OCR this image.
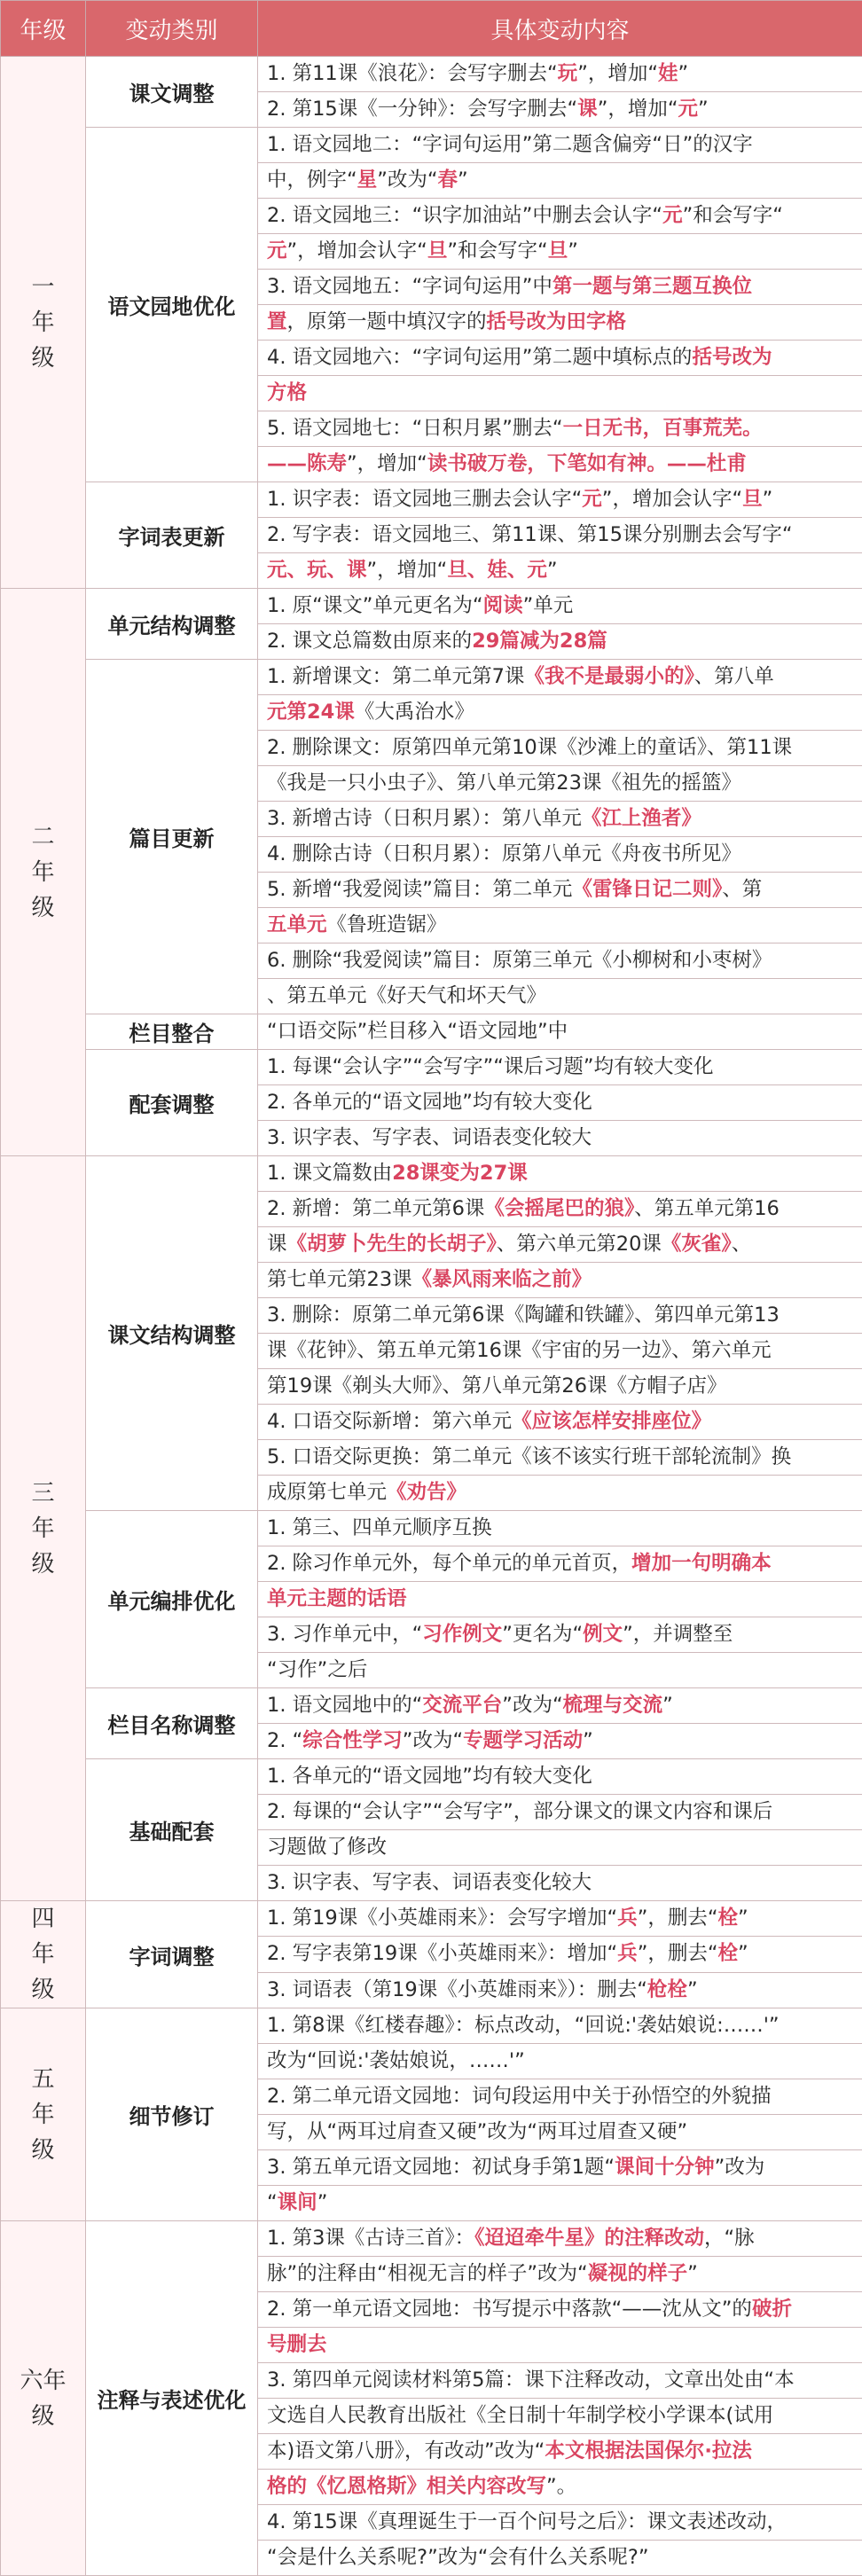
年级	变动类别	具体变动内容

一
年
级	课文调整	1. 第11课《浪花》：会写字删去“玩”，增加“娃”
		2. 第15课《一分钟》：会写字删去“课”，增加“元”
	语文园地优化	1. 语文园地二：“字词句运用”第二题含偏旁“日”的汉字
		中，例字“星”改为“春”
		2. 语文园地三：“识字加油站”中删去会认字“元”和会写字“
		元”，增加会认字“旦”和会写字“旦”
		3. 语文园地五：“字词句运用”中第一题与第三题互换位
		置，原第一题中填汉字的括号改为田字格
		4. 语文园地六：“字词句运用”第二题中填标点的括号改为
		方格
		5. 语文园地七：“日积月累”删去“一日无书，百事荒芜。
		——陈寿”，增加“读书破万卷，下笔如有神。——杜甫
	字词表更新	1. 识字表：语文园地三删去会认字“元”，增加会认字“旦”
		2. 写字表：语文园地三、第11课、第15课分别删去会写字“
		元、玩、课”，增加“旦、娃、元”

二
年
级	单元结构调整	1. 原“课文”单元更名为“阅读”单元
		2. 课文总篇数由原来的29篇减为28篇
	篇目更新	1. 新增课文：第二单元第7课《我不是最弱小的》、第八单
		元第24课《大禹治水》
		2. 删除课文：原第四单元第10课《沙滩上的童话》、第11课
		《我是一只小虫子》、第八单元第23课《祖先的摇篮》
		3. 新增古诗（日积月累）：第八单元《江上渔者》
		4. 删除古诗（日积月累）：原第八单元《舟夜书所见》
		5. 新增“我爱阅读”篇目：第二单元《雷锋日记二则》、第
		五单元《鲁班造锯》
		6. 删除“我爱阅读”篇目：原第三单元《小柳树和小枣树》
		、第五单元《好天气和坏天气》
	栏目整合	“口语交际”栏目移入“语文园地”中
	配套调整	1. 每课“会认字”“会写字”“课后习题”均有较大变化
		2. 各单元的“语文园地”均有较大变化
		3. 识字表、写字表、词语表变化较大

三
年
级	课文结构调整	1. 课文篇数由28课变为27课
		2. 新增：第二单元第6课《会摇尾巴的狼》、第五单元第16
		课《胡萝卜先生的长胡子》、第六单元第20课《灰雀》、
		第七单元第23课《暴风雨来临之前》
		3. 删除：原第二单元第6课《陶罐和铁罐》、第四单元第13
		课《花钟》、第五单元第16课《宇宙的另一边》、第六单元
		第19课《剃头大师》、第八单元第26课《方帽子店》
		4. 口语交际新增：第六单元《应该怎样安排座位》
		5. 口语交际更换：第二单元《该不该实行班干部轮流制》换
		成原第七单元《劝告》
	单元编排优化	1. 第三、四单元顺序互换
		2. 除习作单元外，每个单元的单元首页，增加一句明确本
		单元主题的话语
		3. 习作单元中，“习作例文”更名为“例文”，并调整至
		“习作”之后
	栏目名称调整	1. 语文园地中的“交流平台”改为“梳理与交流”
		2. “综合性学习”改为“专题学习活动”
	基础配套	1. 各单元的“语文园地”均有较大变化
		2. 每课的“会认字”“会写字”，部分课文的课文内容和课后
		习题做了修改
		3. 识字表、写字表、词语表变化较大

四
年
级	字词调整	1. 第19课《小英雄雨来》：会写字增加“兵”，删去“栓”
		2. 写字表第19课《小英雄雨来》：增加“兵”，删去“栓”
		3. 词语表（第19课《小英雄雨来》）：删去“枪栓”

五
年
级	细节修订	1. 第8课《红楼春趣》：标点改动，“回说:'袭姑娘说:……'”
		改为“回说:'袭姑娘说，……'”
		2. 第二单元语文园地：词句段运用中关于孙悟空的外貌描
		写，从“两耳过肩查又硬”改为“两耳过眉查又硬”
		3. 第五单元语文园地：初试身手第1题“课间十分钟”改为
		“课间”

六年
级	注释与表述优化	1. 第3课《古诗三首》：《迢迢牵牛星》的注释改动，“脉
		脉”的注释由“相视无言的样子”改为“凝视的样子”
		2. 第一单元语文园地：书写提示中落款“——沈从文”的破折
		号删去
		3. 第四单元阅读材料第5篇：课下注释改动，文章出处由“本
		文选自人民教育出版社《全日制十年制学校小学课本(试用
		本)语文第八册》，有改动”改为“本文根据法国保尔·拉法
		格的《忆恩格斯》相关内容改写”。
		4. 第15课《真理诞生于一百个问号之后》：课文表述改动，
		“会是什么关系呢?”改为“会有什么关系呢?”
